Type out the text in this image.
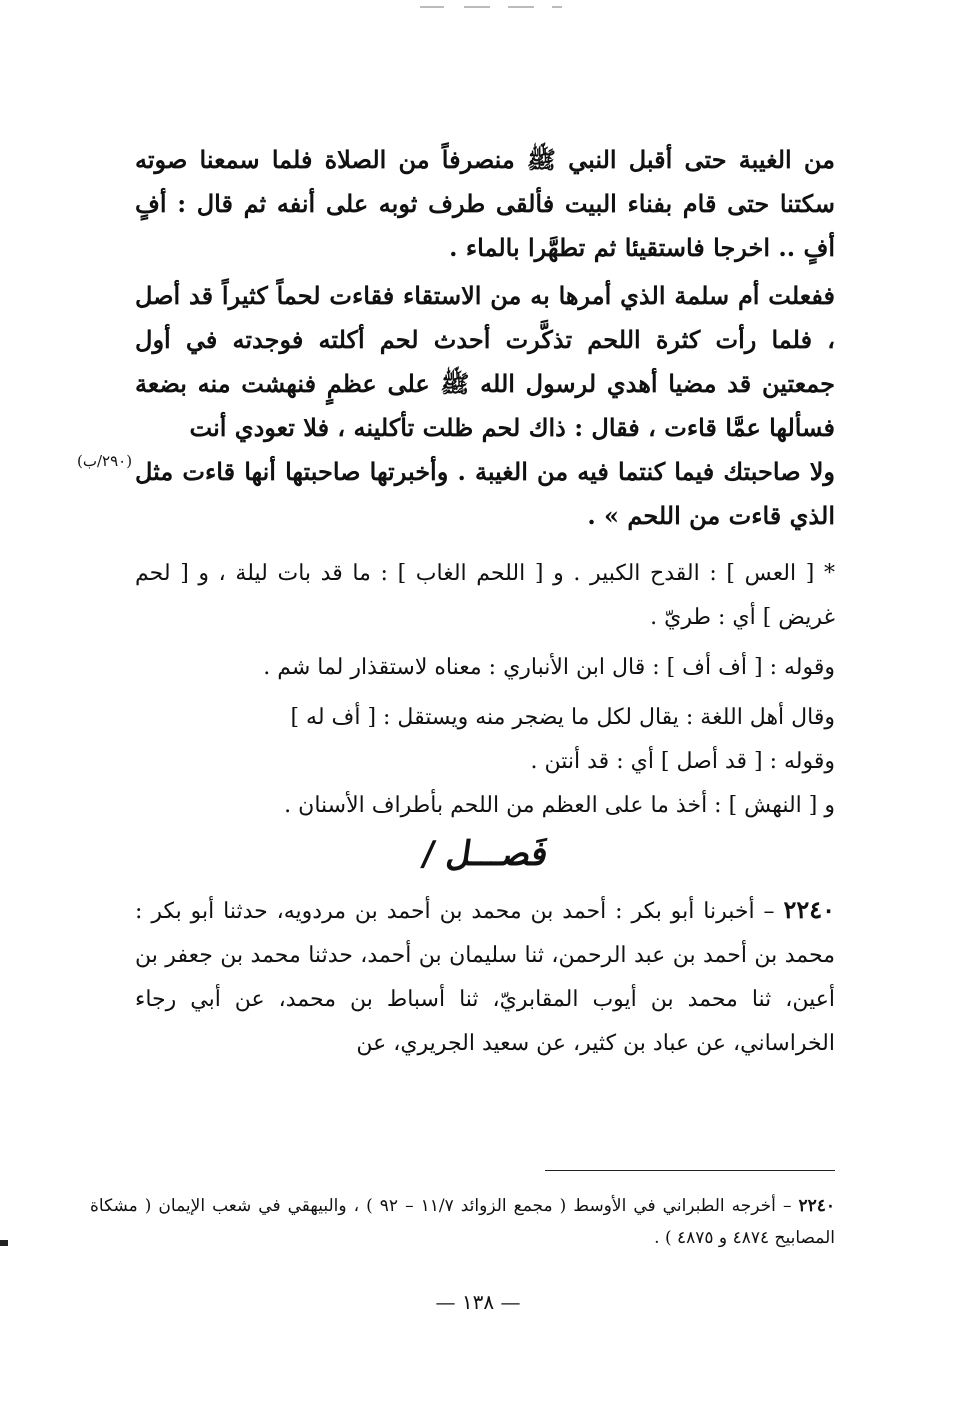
من الغيبة حتى أقبل النبي ﷺ منصرفاً من الصلاة فلما سمعنا صوته سكتنا حتى قام بفناء البيت فألقى طرف ثوبه على أنفه ثم قال : أفٍ أفٍ .. اخرجا فاستقيئا ثم تطهَّرا بالماء .

ففعلت أم سلمة الذي أمرها به من الاستقاء فقاءت لحماً كثيراً قد أصل ، فلما رأت كثرة اللحم تذكَّرت أحدث لحم أكلته فوجدته في أول جمعتين قد مضيا أهدي لرسول الله ﷺ على عظمٍ فنهشت منه بضعة فسألها عمَّا قاءت ، فقال : ذاك لحم ظلت تأكلينه ، فلا تعودي أنت

(٢٩٠/ب) ولا صاحبتك فيما كنتما فيه من الغيبة . وأخبرتها صاحبتها أنها قاءت مثل الذي قاءت من اللحم » .

* [ العس ] : القدح الكبير . و [ اللحم الغاب ] : ما قد بات ليلة ، و [ لحم غريض ] أي : طريّ .

وقوله : [ أف أف ] : قال ابن الأنباري : معناه لاستقذار لما شم .

وقال أهل اللغة : يقال لكل ما يضجر منه ويستقل : [ أف له ]

وقوله : [ قد أصل ] أي : قد أنتن .

و [ النهش ] : أخذ ما على العظم من اللحم بأطراف الأسنان .

فَصـــل /

٢٢٤٠ – أخبرنا أبو بكر : أحمد بن محمد بن أحمد بن مردويه، حدثنا أبو بكر : محمد بن أحمد بن عبد الرحمن، ثنا سليمان بن أحمد، حدثنا محمد بن جعفر بن أعين، ثنا محمد بن أيوب المقابريّ، ثنا أسباط بن محمد، عن أبي رجاء الخراساني، عن عباد بن كثير، عن سعيد الجريري، عن

٢٢٤٠ – أخرجه الطبراني في الأوسط ( مجمع الزوائد ١١/٧ – ٩٢ ) ، والبيهقي في شعب الإيمان ( مشكاة المصابيح ٤٨٧٤ و ٤٨٧٥ ) .

— ١٣٨ —
